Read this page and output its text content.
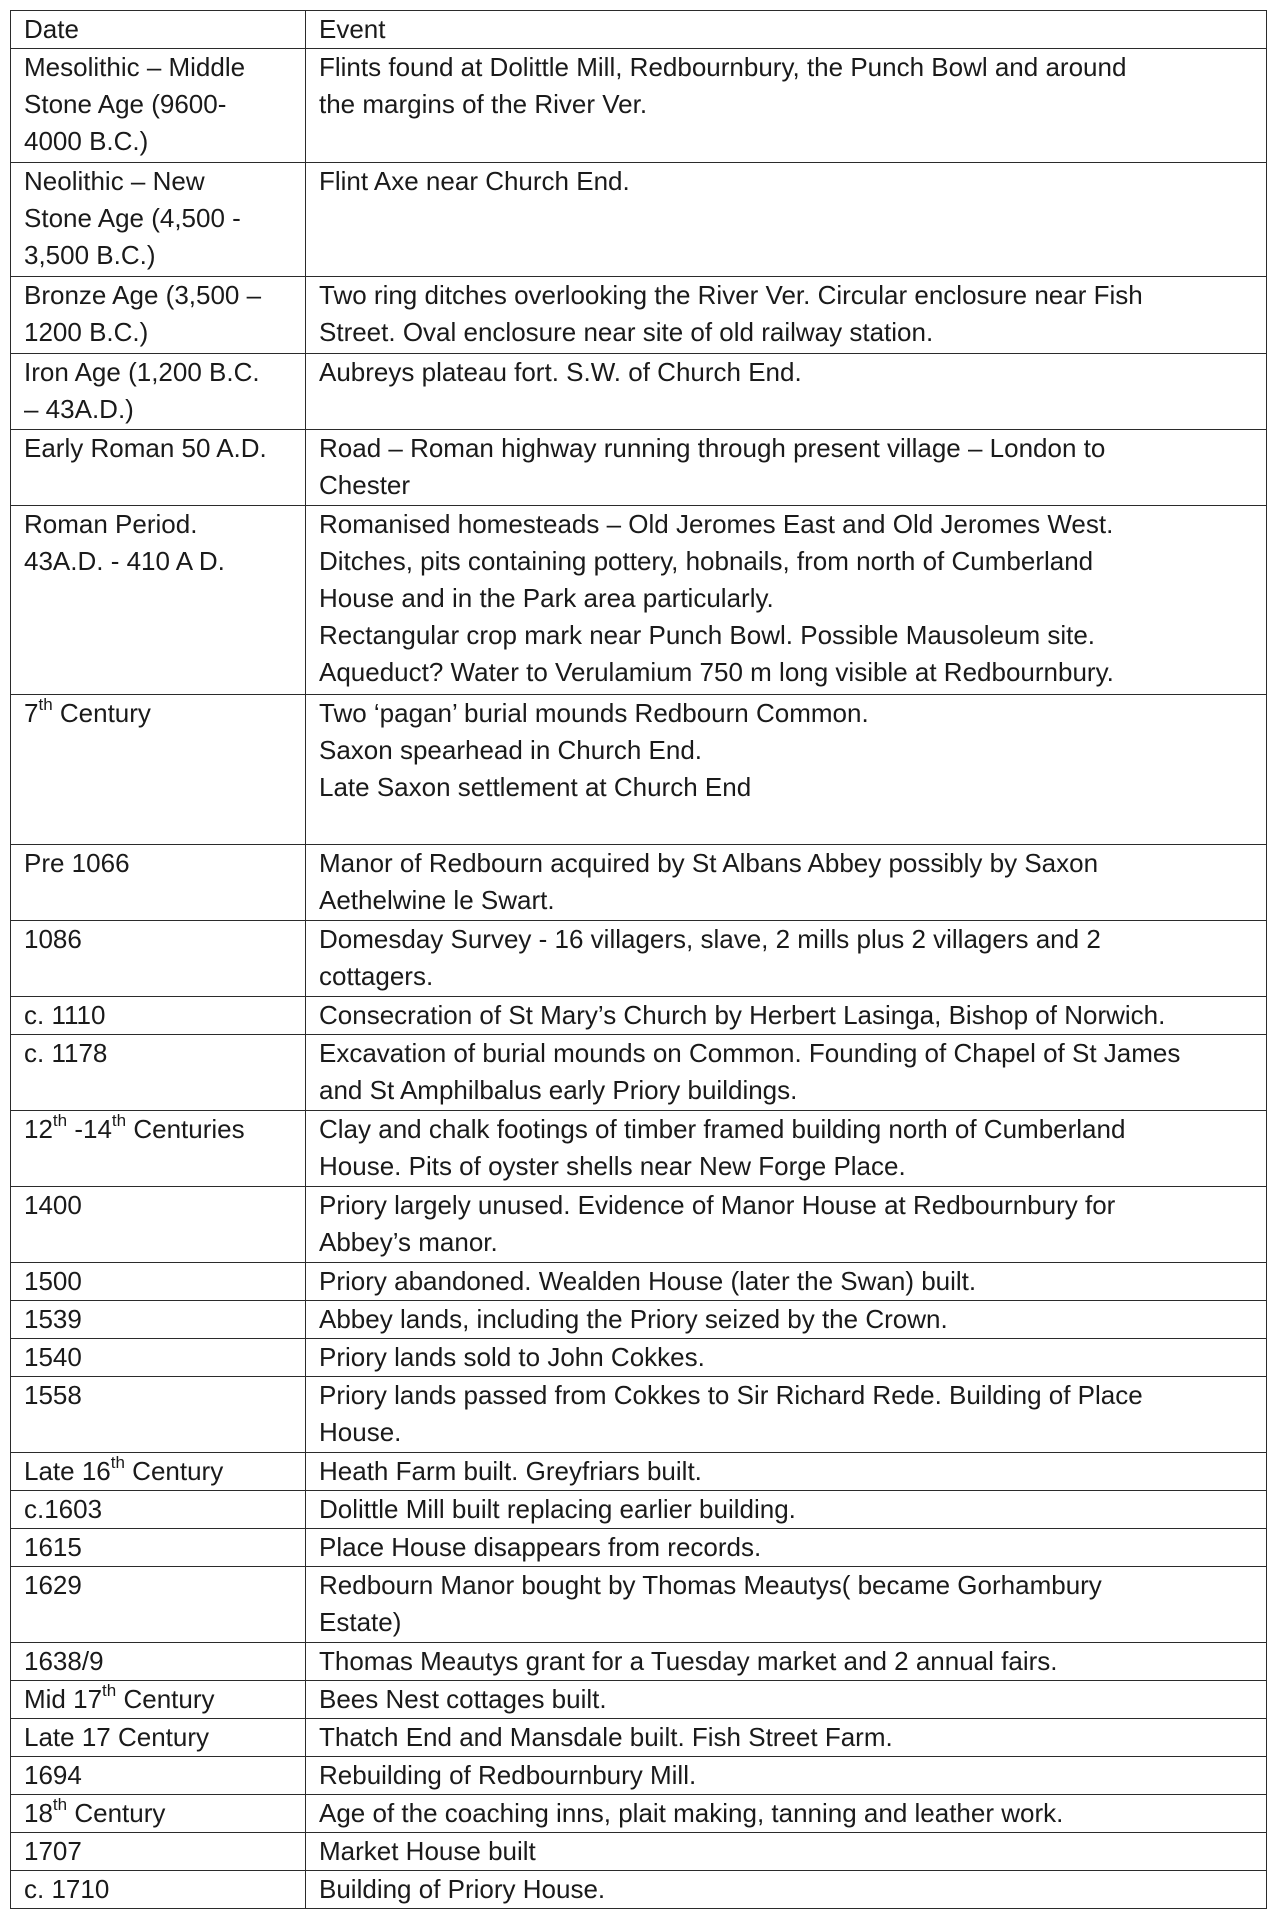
Date	Event

Mesolithic – Middle
Stone Age (9600-
4000 B.C.)	Flints found at Dolittle Mill, Redbournbury, the Punch Bowl and around
the margins of the River Ver.

Neolithic – New
Stone Age (4,500 -
3,500 B.C.)	Flint Axe near Church End.

Bronze Age (3,500 –
1200 B.C.)	Two ring ditches overlooking the River Ver. Circular enclosure near Fish
Street. Oval enclosure near site of old railway station.

Iron Age (1,200 B.C.
– 43A.D.)	Aubreys plateau fort. S.W. of Church End.

Early Roman 50 A.D.	Road – Roman highway running through present village – London to
Chester

Roman Period.
43A.D. - 410 A D.	Romanised homesteads – Old Jeromes East and Old Jeromes West.
Ditches, pits containing pottery, hobnails, from north of Cumberland
House and in the Park area particularly.
Rectangular crop mark near Punch Bowl. Possible Mausoleum site.
Aqueduct? Water to Verulamium 750 m long visible at Redbournbury.

7th Century	Two ‘pagan’ burial mounds Redbourn Common.
Saxon spearhead in Church End.
Late Saxon settlement at Church End

Pre 1066	Manor of Redbourn acquired by St Albans Abbey possibly by Saxon
Aethelwine le Swart.

1086	Domesday Survey - 16 villagers, slave, 2 mills plus 2 villagers and 2
cottagers.

c. 1110	Consecration of St Mary’s Church by Herbert Lasinga, Bishop of Norwich.

c. 1178	Excavation of burial mounds on Common. Founding of Chapel of St James
and St Amphilbalus early Priory buildings.

12th -14th Centuries	Clay and chalk footings of timber framed building north of Cumberland
House. Pits of oyster shells near New Forge Place.

1400	Priory largely unused. Evidence of Manor House at Redbournbury for
Abbey’s manor.

1500	Priory abandoned. Wealden House (later the Swan) built.

1539	Abbey lands, including the Priory seized by the Crown.

1540	Priory lands sold to John Cokkes.

1558	Priory lands passed from Cokkes to Sir Richard Rede. Building of Place
House.

Late 16th Century	Heath Farm built. Greyfriars built.

c.1603	Dolittle Mill built replacing earlier building.

1615	Place House disappears from records.

1629	Redbourn Manor bought by Thomas Meautys( became Gorhambury
Estate)

1638/9	Thomas Meautys grant for a Tuesday market and 2 annual fairs.

Mid 17th Century	Bees Nest cottages built.

Late 17 Century	Thatch End and Mansdale built. Fish Street Farm.

1694	Rebuilding of Redbournbury Mill.

18th Century	Age of the coaching inns, plait making, tanning and leather work.

1707	Market House built

c. 1710	Building of Priory House.
